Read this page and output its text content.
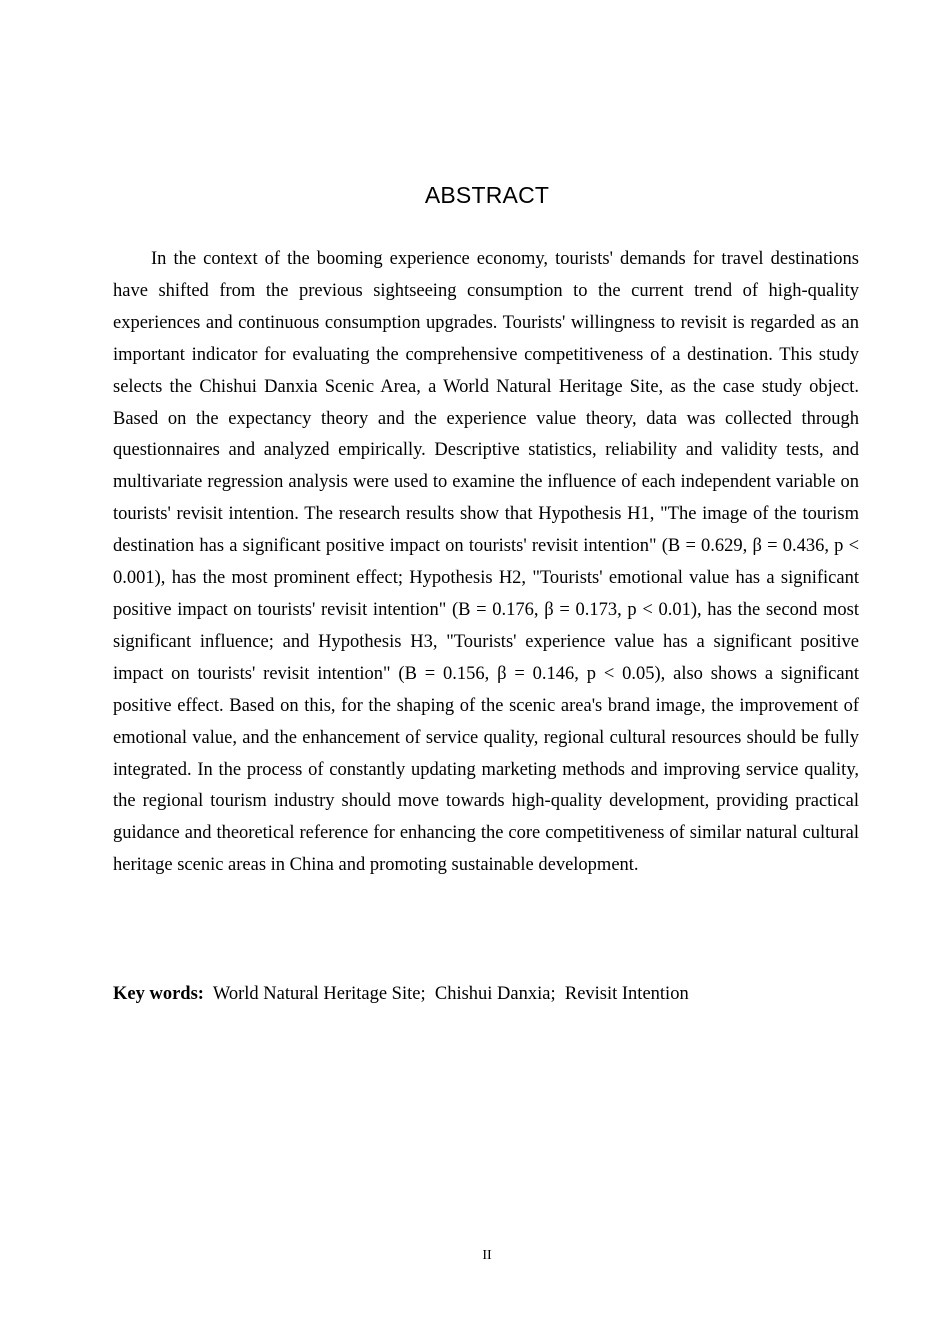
ABSTRACT

In the context of the booming experience economy, tourists' demands for travel destinations have shifted from the previous sightseeing consumption to the current trend of high-quality experiences and continuous consumption upgrades. Tourists' willingness to revisit is regarded as an important indicator for evaluating the comprehensive competitiveness of a destination. This study selects the Chishui Danxia Scenic Area, a World Natural Heritage Site, as the case study object. Based on the expectancy theory and the experience value theory, data was collected through questionnaires and analyzed empirically. Descriptive statistics, reliability and validity tests, and multivariate regression analysis were used to examine the influence of each independent variable on tourists' revisit intention. The research results show that Hypothesis H1, "The image of the tourism destination has a significant positive impact on tourists' revisit intention" (B = 0.629, β = 0.436, p < 0.001), has the most prominent effect; Hypothesis H2, "Tourists' emotional value has a significant positive impact on tourists' revisit intention" (B = 0.176, β = 0.173, p < 0.01), has the second most significant influence; and Hypothesis H3, "Tourists' experience value has a significant positive impact on tourists' revisit intention" (B = 0.156, β = 0.146, p < 0.05), also shows a significant positive effect. Based on this, for the shaping of the scenic area's brand image, the improvement of emotional value, and the enhancement of service quality, regional cultural resources should be fully integrated. In the process of constantly updating marketing methods and improving service quality, the regional tourism industry should move towards high-quality development, providing practical guidance and theoretical reference for enhancing the core competitiveness of similar natural cultural heritage scenic areas in China and promoting sustainable development.

Key words:  World Natural Heritage Site;  Chishui Danxia;  Revisit Intention
II
